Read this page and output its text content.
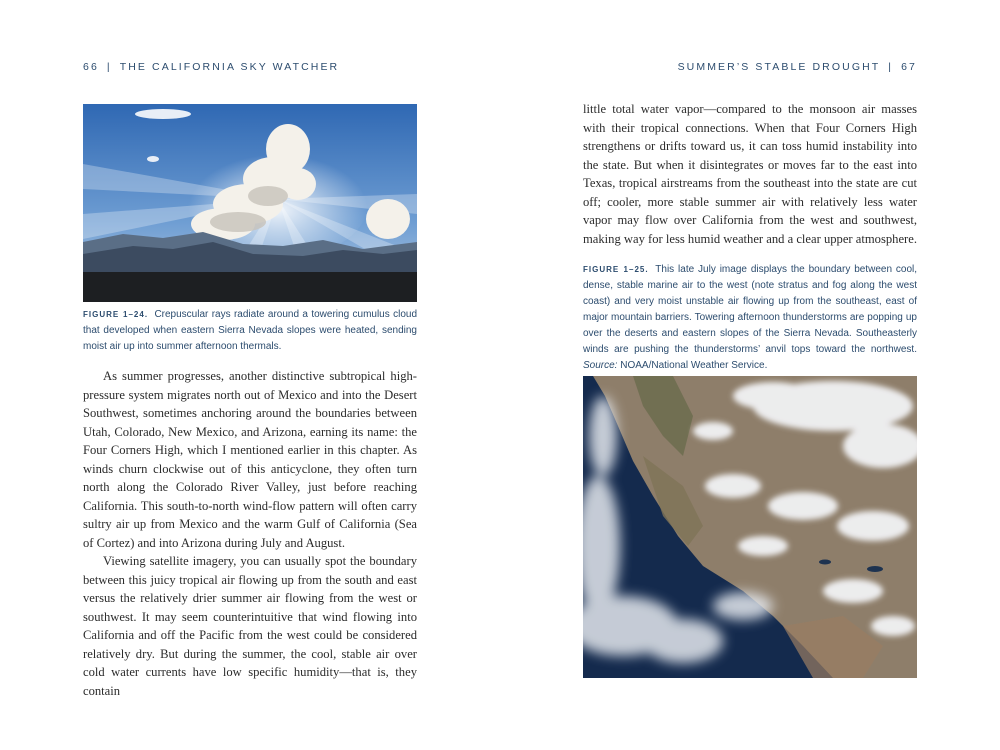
66 | THE CALIFORNIA SKY WATCHER	SUMMER’S STABLE DROUGHT | 67
FIGURE 1–24. Crepuscular rays radiate around a towering cumulus cloud that developed when eastern Sierra Nevada slopes were heated, sending moist air up into summer afternoon thermals.

As summer progresses, another distinctive subtropical high-pressure system migrates north out of Mexico and into the Desert Southwest, sometimes anchoring around the boundaries between Utah, Colorado, New Mexico, and Arizona, earning its name: the Four Corners High, which I mentioned earlier in this chapter. As winds churn clockwise out of this anticyclone, they often turn north along the Colorado River Valley, just before reaching California. This south-to-north wind-flow pattern will often carry sultry air up from Mexico and the warm Gulf of California (Sea of Cortez) and into Arizona during July and August.

Viewing satellite imagery, you can usually spot the boundary between this juicy tropical air flowing up from the south and east versus the relatively drier summer air flowing from the west or southwest. It may seem counterintuitive that wind flowing into California and off the Pacific from the west could be considered relatively dry. But during the summer, the cool, stable air over cold water currents have low specific humidity—that is, they contain

little total water vapor—compared to the monsoon air masses with their tropical connections. When that Four Corners High strengthens or drifts toward us, it can toss humid instability into the state. But when it disintegrates or moves far to the east into Texas, tropical airstreams from the southeast into the state are cut off; cooler, more stable summer air with relatively less water vapor may flow over California from the west and southwest, making way for less humid weather and a clear upper atmosphere.

FIGURE 1–25. This late July image displays the boundary between cool, dense, stable marine air to the west (note stratus and fog along the west coast) and very moist unstable air flowing up from the southeast, east of major mountain barriers. Towering afternoon thunderstorms are popping up over the deserts and eastern slopes of the Sierra Nevada. Southeasterly winds are pushing the thunderstorms’ anvil tops toward the northwest. Source: NOAA/National Weather Service.
